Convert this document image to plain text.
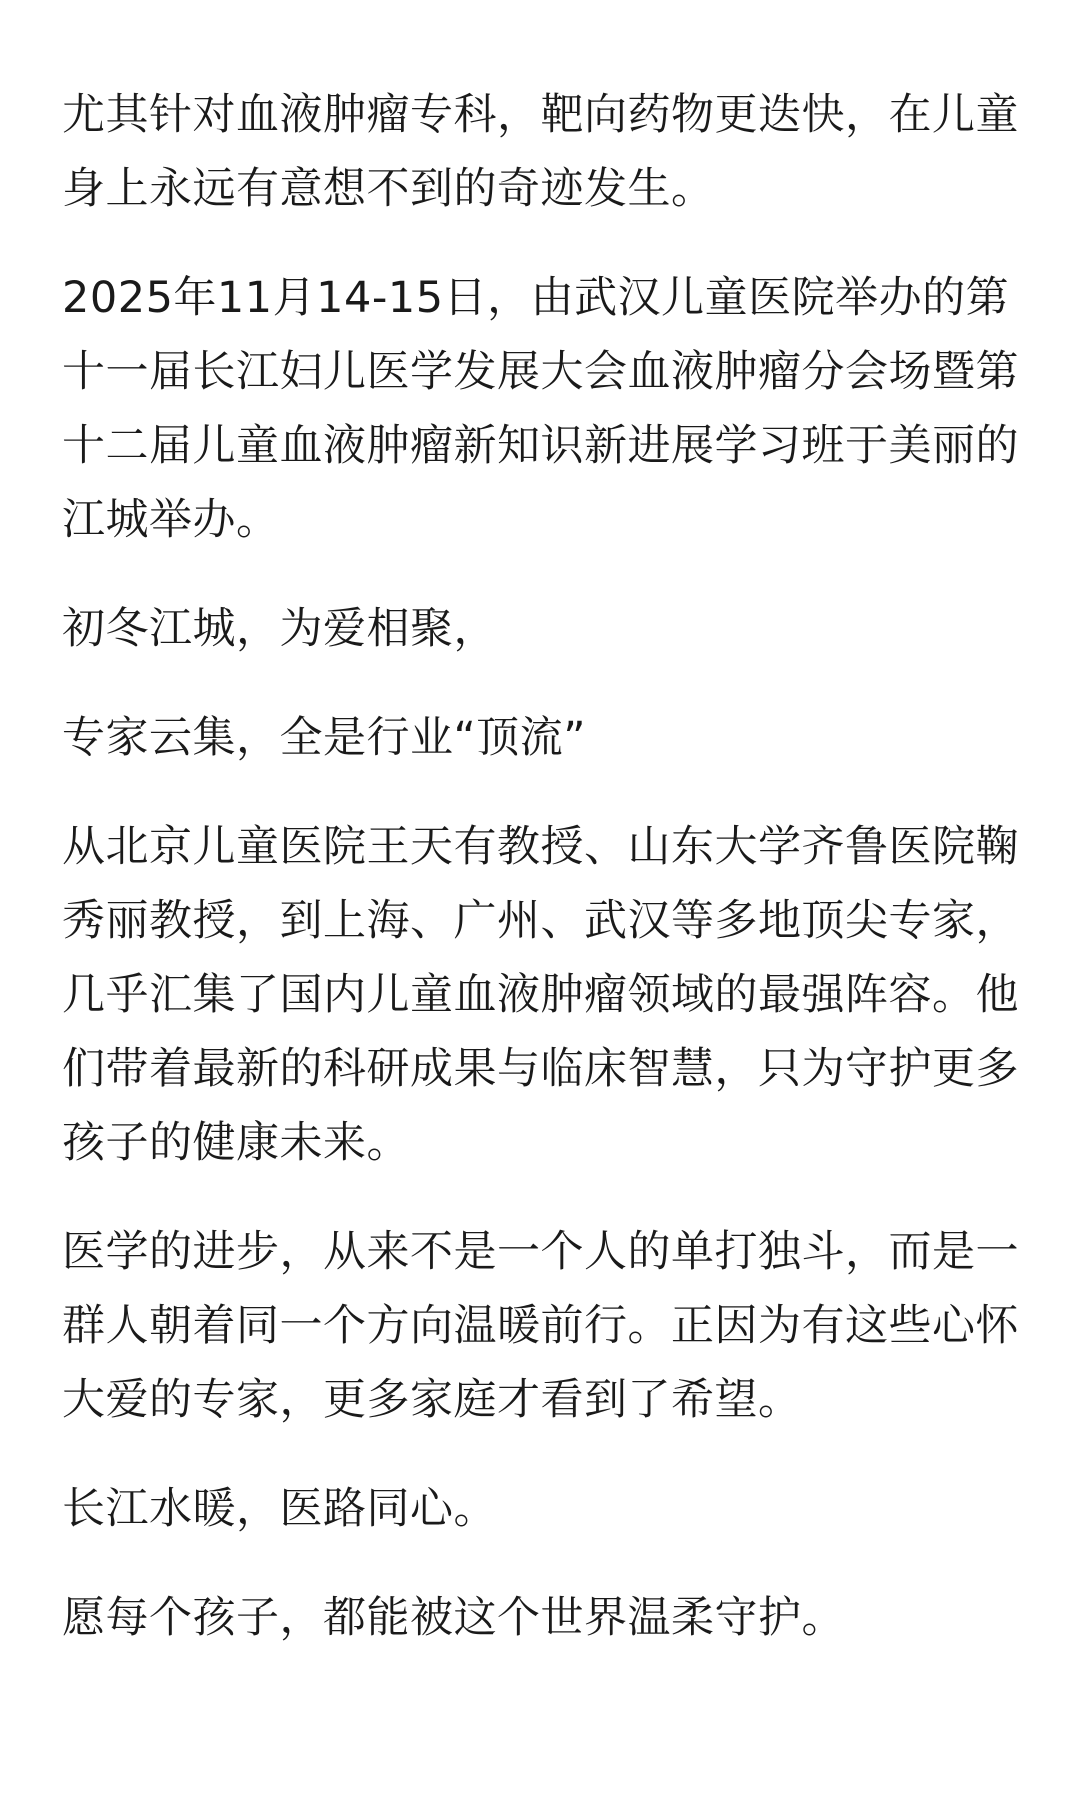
尤其针对血液肿瘤专科，靶向药物更迭快，在儿童身上永远有意想不到的奇迹发生。

2025年11月14-15日，由武汉儿童医院举办的第十一届长江妇儿医学发展大会血液肿瘤分会场暨第十二届儿童血液肿瘤新知识新进展学习班于美丽的江城举办。

初冬江城，为爱相聚，

专家云集，全是行业“顶流”

从北京儿童医院王天有教授、山东大学齐鲁医院鞠秀丽教授，到上海、广州、武汉等多地顶尖专家，几乎汇集了国内儿童血液肿瘤领域的最强阵容。他们带着最新的科研成果与临床智慧，只为守护更多孩子的健康未来。

医学的进步，从来不是一个人的单打独斗，而是一群人朝着同一个方向温暖前行。正因为有这些心怀大爱的专家，更多家庭才看到了希望。

长江水暖，医路同心。

愿每个孩子，都能被这个世界温柔守护。
